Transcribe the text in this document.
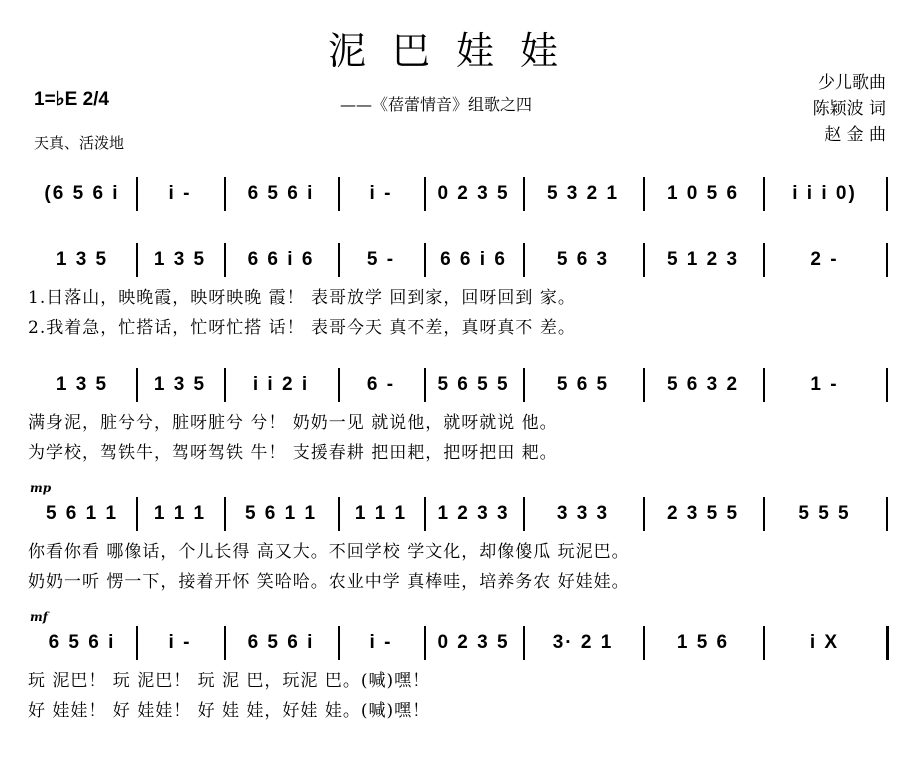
泥巴娃娃
——《蓓蕾情音》组歌之四
少儿歌曲
陈颖波 词
赵 金 曲
1=♭E 2/4
天真、活泼地
(6 5 6 i	i -	6 5 6 i	i -	0 2 3 5	5 3 2 1	1 0 5 6	i i i 0)
1 3 5	1 3 5	6 6 i 6	5 -	6 6 i 6	5 6 3	5 1 2 3	2 -
1.日落山，映晚霞，映呀映晚 霞！ 表哥放学 回到家，回呀回到 家。
2.我着急，忙搭话，忙呀忙搭 话！ 表哥今天 真不差，真呀真不 差。
1 3 5	1 3 5	i i 2 i	6 -	5 6 5 5	5 6 5	5 6 3 2	1 -
满身泥，脏兮兮，脏呀脏兮 兮！ 奶奶一见 就说他，就呀就说 他。
为学校，驾铁牛，驾呀驾铁 牛！ 支援春耕 把田耙，把呀把田 耙。
5 6 1 1	1 1 1	5 6 1 1	1 1 1	1 2 3 3	3 3 3	2 3 5 5	5 5 5
mp
你看你看 哪像话，个儿长得 高又大。不回学校 学文化，却像傻瓜 玩泥巴。
奶奶一听 愣一下，接着开怀 笑哈哈。农业中学 真棒哇，培养务农 好娃娃。
6 5 6 i	i -	6 5 6 i	i -	0 2 3 5	3· 2 1	1 5 6	i X
mf
玩 泥巴！ 玩 泥巴！ 玩 泥 巴，玩泥 巴。(喊)嘿！
好 娃娃！ 好 娃娃！ 好 娃 娃，好娃 娃。(喊)嘿！
